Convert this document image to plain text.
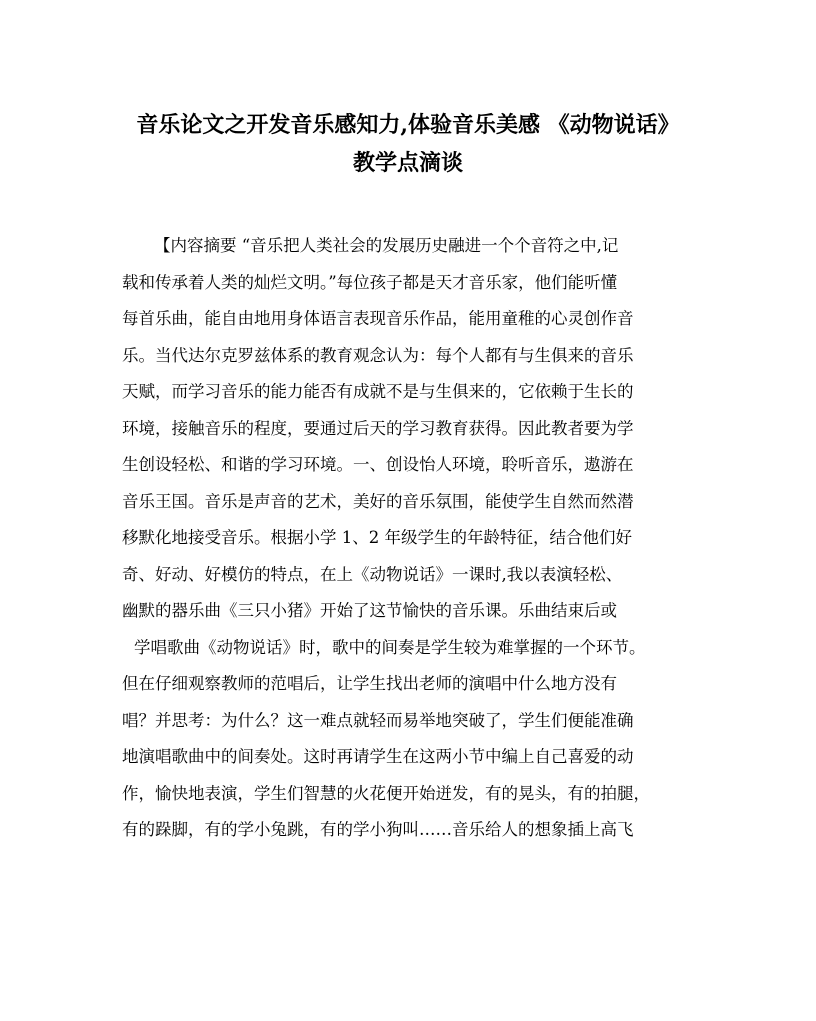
音乐论文之开发音乐感知力,体验音乐美感 《动物说话》
教学点滴谈
【内容摘要 “音乐把人类社会的发展历史融进一个个音符之中,记
载和传承着人类的灿烂文明。”每位孩子都是天才音乐家，他们能听懂
每首乐曲，能自由地用身体语言表现音乐作品，能用童稚的心灵创作音
乐。当代达尔克罗兹体系的教育观念认为：每个人都有与生俱来的音乐
天赋，而学习音乐的能力能否有成就不是与生俱来的，它依赖于生长的
环境，接触音乐的程度，要通过后天的学习教育获得。因此教者要为学
生创设轻松、和谐的学习环境。一、创设怡人环境，聆听音乐，遨游在
音乐王国。音乐是声音的艺术，美好的音乐氛围，能使学生自然而然潜
移默化地接受音乐。根据小学 1、2 年级学生的年龄特征，结合他们好
奇、好动、好模仿的特点，在上《动物说话》一课时,我以表演轻松、
幽默的器乐曲《三只小猪》开始了这节愉快的音乐课。乐曲结束后或
学唱歌曲《动物说话》时，歌中的间奏是学生较为难掌握的一个环节。
但在仔细观察教师的范唱后，让学生找出老师的演唱中什么地方没有
唱？并思考：为什么？这一难点就轻而易举地突破了，学生们便能准确
地演唱歌曲中的间奏处。这时再请学生在这两小节中编上自己喜爱的动
作，愉快地表演，学生们智慧的火花便开始迸发，有的晃头，有的拍腿，
有的跺脚，有的学小兔跳，有的学小狗叫……音乐给人的想象插上高飞
